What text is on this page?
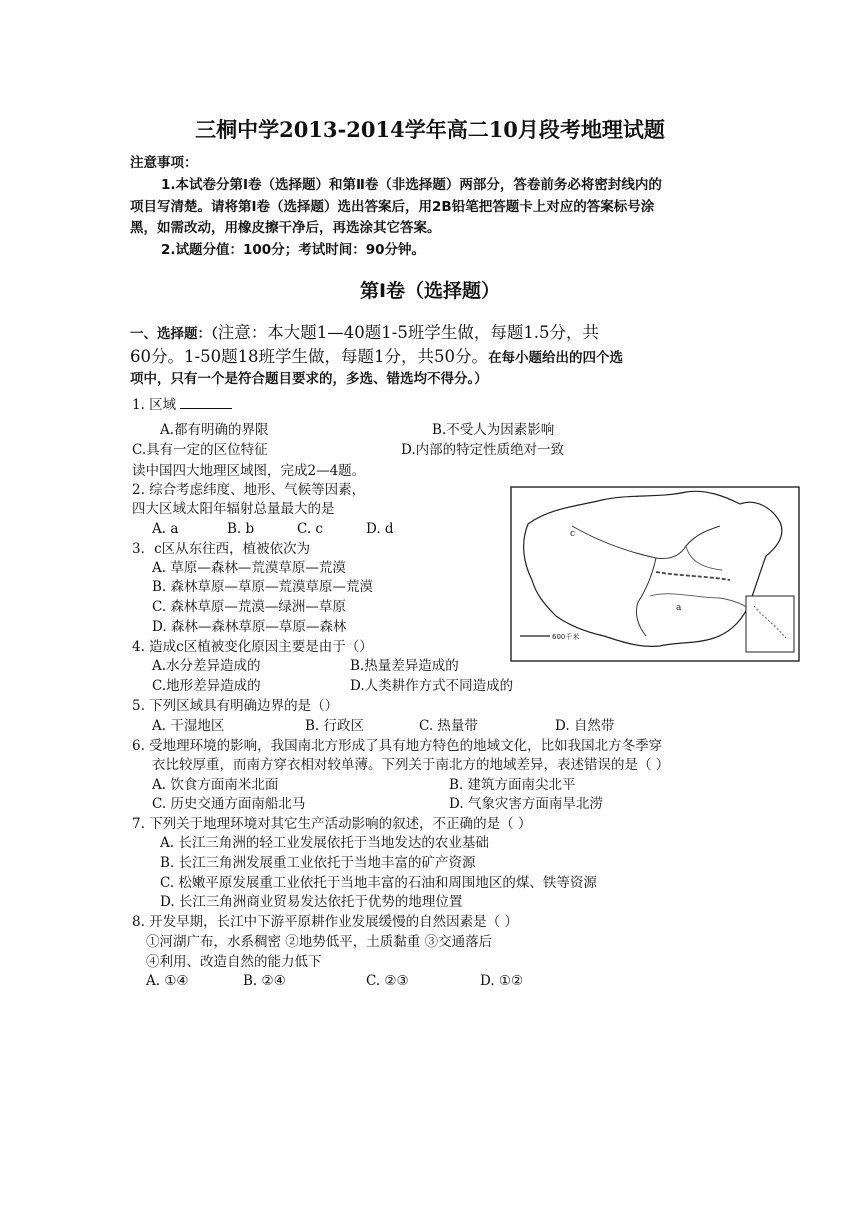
三桐中学2013-2014学年高二10月段考地理试题
注意事项：
1.本试卷分第Ⅰ卷（选择题）和第Ⅱ卷（非选择题）两部分，答卷前务必将密封线内的
项目写清楚。请将第Ⅰ卷（选择题）选出答案后，用2B铅笔把答题卡上对应的答案标号涂
黑，如需改动，用橡皮擦干净后，再选涂其它答案。
2.试题分值：100分；考试时间：90分钟。
第Ⅰ卷（选择题）
一、选择题：（注意：本大题1—40题1-5班学生做，每题1.5分，共
60分。1-50题18班学生做，每题1分，共50分。在每小题给出的四个选
项中，只有一个是符合题目要求的，多选、错选均不得分。）
1. 区域
A.都有明确的界限	B.不受人为因素影响
C.具有一定的区位特征	D.内部的特定性质绝对一致
读中国四大地理区域图，完成2—4题。
2. 综合考虑纬度、地形、气候等因素，
四大区域太阳年辐射总量最大的是
A. a	B. b	C. c	D. d
3．c区从东往西，植被依次为
A. 草原—森林—荒漠草原—荒漠
B. 森林草原—草原—荒漠草原—荒漠
C. 森林草原—荒漠—绿洲—草原
D. 森林—森林草原—草原—森林
4. 造成c区植被变化原因主要是由于（）
A.水分差异造成的	B.热量差异造成的
C.地形差异造成的	D.人类耕作方式不同造成的
5. 下列区域具有明确边界的是（）
A. 干湿地区	B. 行政区	C. 热量带	D. 自然带
6. 受地理环境的影响，我国南北方形成了具有地方特色的地域文化，比如我国北方冬季穿
衣比较厚重，而南方穿衣相对较单薄。下列关于南北方的地域差异，表述错误的是（ ）
A. 饮食方面南米北面	B. 建筑方面南尖北平
C. 历史交通方面南船北马	D. 气象灾害方面南旱北涝
7. 下列关于地理环境对其它生产活动影响的叙述，不正确的是（ ）
A. 长江三角洲的轻工业发展依托于当地发达的农业基础
B. 长江三角洲发展重工业依托于当地丰富的矿产资源
C. 松嫩平原发展重工业依托于当地丰富的石油和周围地区的煤、铁等资源
D. 长江三角洲商业贸易发达依托于优势的地理位置
8. 开发早期，长江中下游平原耕作业发展缓慢的自然因素是（ ）
①河湖广布，水系稠密 ②地势低平，土质黏重 ③交通落后
④利用、改造自然的能力低下
A. ①④	B. ②④	C. ②③	D. ①②
c
a
600千米
